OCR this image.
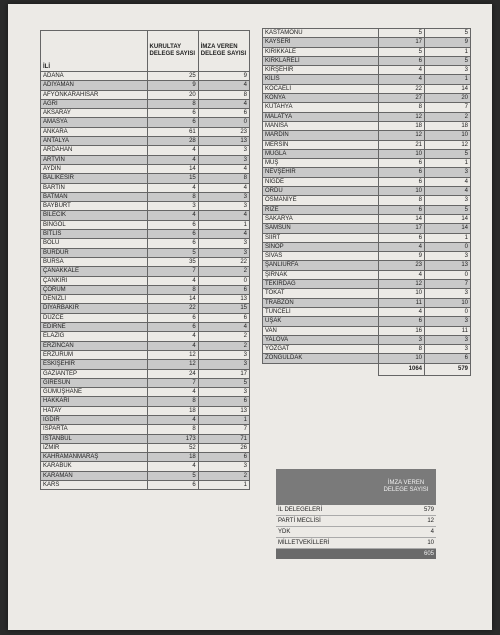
İLİ	KURULTAY DELEGE SAYISI	İMZA VEREN DELEGE SAYISI
ADANA	25	9
ADIYAMAN	9	4
AFYONKARAHİSAR	20	8
AĞRI	8	4
AKSARAY	6	6
AMASYA	6	0
ANKARA	61	23
ANTALYA	28	13
ARDAHAN	4	3
ARTVİN	4	3
AYDIN	14	4
BALIKESİR	15	8
BARTIN	4	4
BATMAN	8	3
BAYBURT	3	3
BİLECİK	4	4
BİNGÖL	6	1
BİTLİS	6	4
BOLU	6	3
BURDUR	5	3
BURSA	35	22
ÇANAKKALE	7	2
ÇANKIRI	4	0
ÇORUM	8	6
DENİZLİ	14	13
DİYARBAKIR	22	15
DÜZCE	6	6
EDİRNE	6	4
ELAZIĞ	4	2
ERZİNCAN	4	2
ERZURUM	12	3
ESKİŞEHİR	12	3
GAZİANTEP	24	17
GİRESUN	7	5
GÜMÜŞHANE	4	3
HAKKARİ	8	6
HATAY	18	13
IĞDIR	4	1
ISPARTA	8	7
İSTANBUL	173	71
İZMİR	52	26
KAHRAMANMARAŞ	18	6
KARABÜK	4	3
KARAMAN	5	2
KARS	6	1
KASTAMONU	5	5
KAYSERİ	17	9
KIRIKKALE	5	1
KIRKLARELİ	6	5
KIRŞEHİR	4	3
KİLİS	4	1
KOCAELİ	22	14
KONYA	27	20
KÜTAHYA	8	7
MALATYA	12	2
MANİSA	18	18
MARDİN	12	10
MERSİN	21	12
MUĞLA	10	5
MUŞ	6	1
NEVŞEHİR	6	3
NİĞDE	6	4
ORDU	10	4
OSMANİYE	8	3
RİZE	6	5
SAKARYA	14	14
SAMSUN	17	14
SİİRT	6	1
SİNOP	4	0
SİVAS	9	3
ŞANLIURFA	23	13
ŞIRNAK	4	0
TEKİRDAĞ	12	7
TOKAT	10	3
TRABZON	11	10
TUNCELİ	4	0
UŞAK	6	3
VAN	16	11
YALOVA	3	3
YOZGAT	8	3
ZONGULDAK	10	6
	1064	579
	İMZA VEREN DELEGE SAYISI
İL DELEGELERİ	579
PARTİ MECLİSİ	12
YDK	4
MİLLETVEKİLLERİ	10
	605
